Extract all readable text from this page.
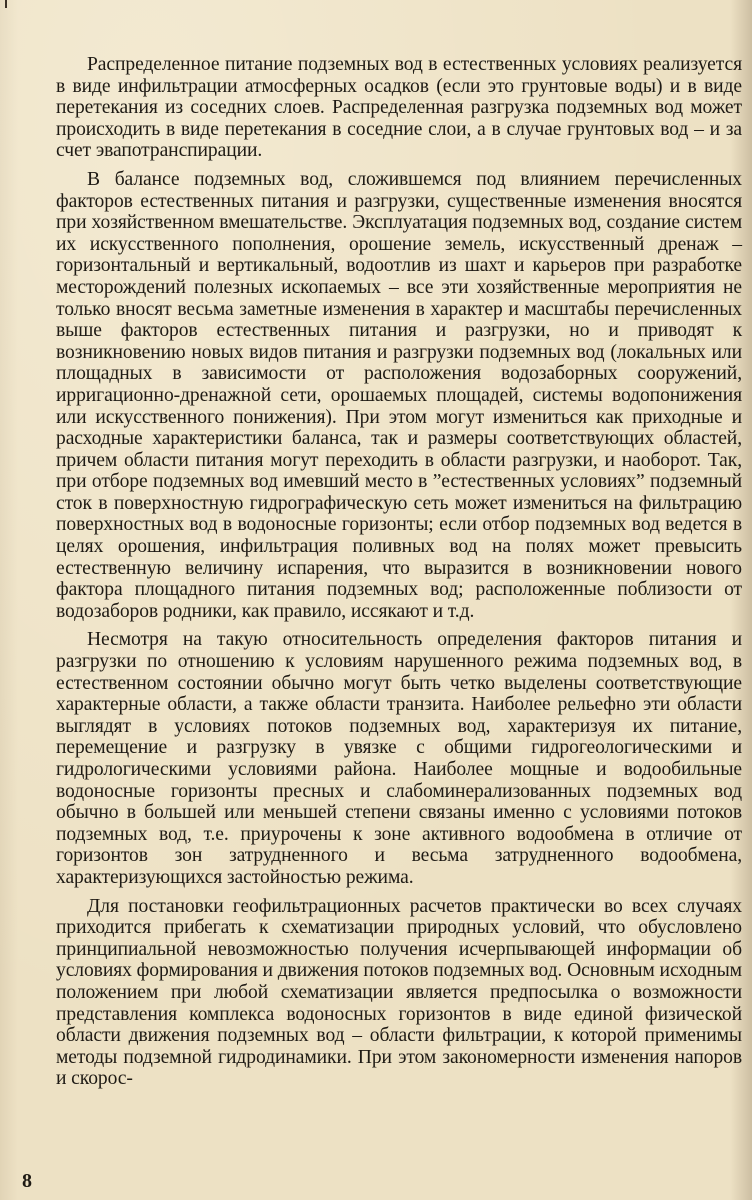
Распределенное питание подземных вод в естественных условиях реализуется в виде инфильтрации атмосферных осадков (если это грунтовые воды) и в виде перетекания из соседних слоев. Распределенная разгрузка подземных вод может происходить в виде перетекания в соседние слои, а в случае грунтовых вод – и за счет эвапотранспирации.

В балансе подземных вод, сложившемся под влиянием перечисленных факторов естественных питания и разгрузки, существенные изменения вносятся при хозяйственном вмешательстве. Эксплуатация подземных вод, создание систем их искусственного пополнения, орошение земель, искусственный дренаж – горизонтальный и вертикальный, водоотлив из шахт и карьеров при разработке месторождений полезных ископаемых – все эти хозяйственные мероприятия не только вносят весьма заметные изменения в характер и масштабы перечисленных выше факторов естественных питания и разгрузки, но и приводят к возникновению новых видов питания и разгрузки подземных вод (локальных или площадных в зависимости от расположения водозаборных сооружений, ирригационно-дренажной сети, орошаемых площадей, системы водопонижения или искусственного понижения). При этом могут измениться как приходные и расходные характеристики баланса, так и размеры соответствующих областей, причем области питания могут переходить в области разгрузки, и наоборот. Так, при отборе подземных вод имевший место в ”естественных условиях” подземный сток в поверхностную гидрографическую сеть может измениться на фильтрацию поверхностных вод в водоносные горизонты; если отбор подземных вод ведется в целях орошения, инфильтрация поливных вод на полях может превысить естественную величину испарения, что выразится в возникновении нового фактора площадного питания подземных вод; расположенные поблизости от водозаборов родники, как правило, иссякают и т.д.

Несмотря на такую относительность определения факторов питания и разгрузки по отношению к условиям нарушенного режима подземных вод, в естественном состоянии обычно могут быть четко выделены соответствующие характерные области, а также области транзита. Наиболее рельефно эти области выглядят в условиях потоков подземных вод, характеризуя их питание, перемещение и разгрузку в увязке с общими гидрогеологическими и гидрологическими условиями района. Наиболее мощные и водообильные водоносные горизонты пресных и слабоминерализованных подземных вод обычно в большей или меньшей степени связаны именно с условиями потоков подземных вод, т.е. приурочены к зоне активного водообмена в отличие от горизонтов зон затрудненного и весьма затрудненного водообмена, характеризующихся застойностью режима.

Для постановки геофильтрационных расчетов практически во всех случаях приходится прибегать к схематизации природных условий, что обусловлено принципиальной невозможностью получения исчерпывающей информации об условиях формирования и движения потоков подземных вод. Основным исходным положением при любой схематизации является предпосылка о возможности представления комплекса водоносных горизонтов в виде единой физической области движения подземных вод – области фильтрации, к которой применимы методы подземной гидродинамики. При этом закономерности изменения напоров и скорос-

8
